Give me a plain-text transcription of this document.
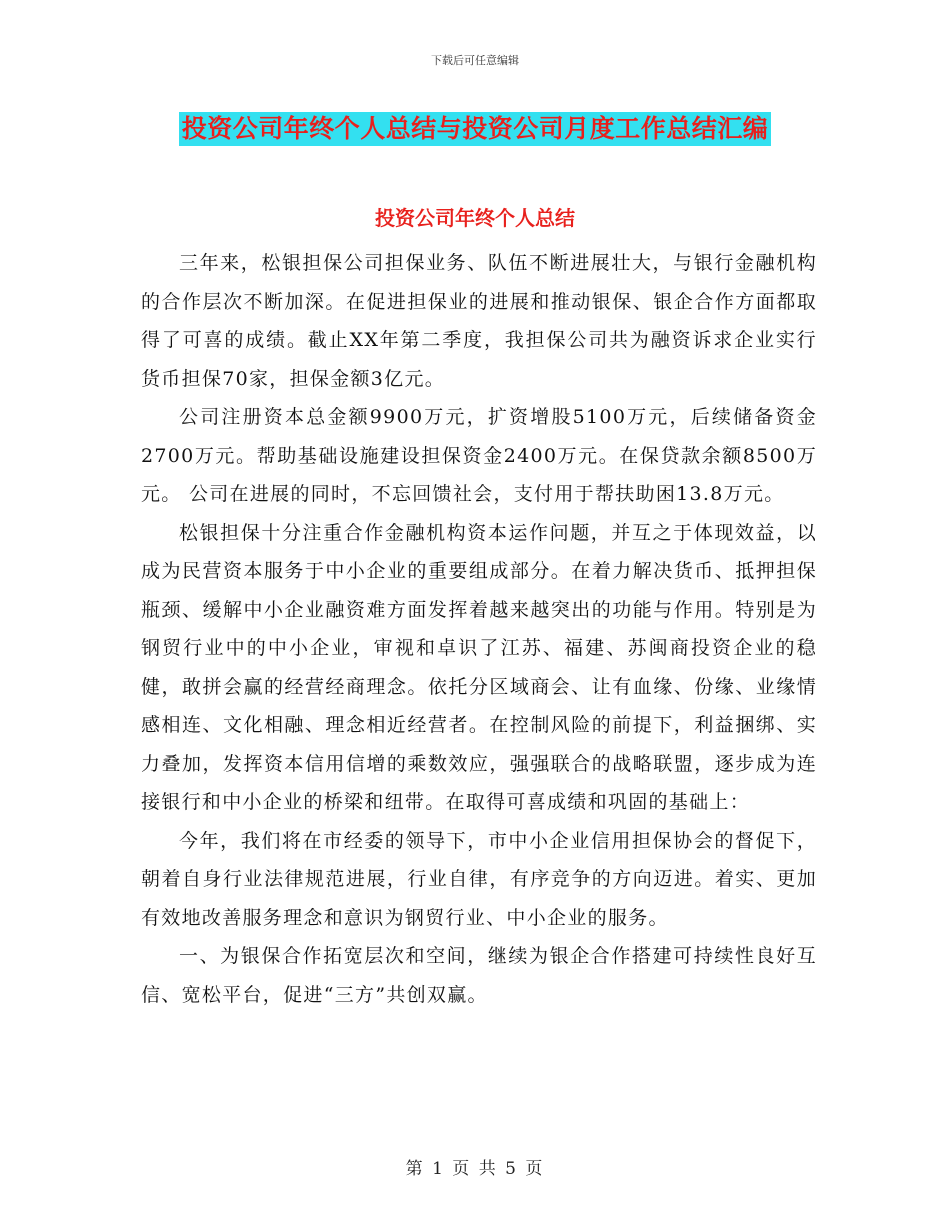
下载后可任意编辑
投资公司年终个人总结与投资公司月度工作总结汇编
投资公司年终个人总结

三年来，松银担保公司担保业务、队伍不断进展壮大，与银行金融机构的合作层次不断加深。在促进担保业的进展和推动银保、银企合作方面都取得了可喜的成绩。截止XX年第二季度，我担保公司共为融资诉求企业实行货币担保70家，担保金额3亿元。

公司注册资本总金额9900万元，扩资增股5100万元，后续储备资金2700万元。帮助基础设施建设担保资金2400万元。在保贷款余额8500万元。 公司在进展的同时，不忘回馈社会，支付用于帮扶助困13.8万元。

松银担保十分注重合作金融机构资本运作问题，并互之于体现效益，以成为民营资本服务于中小企业的重要组成部分。在着力解决货币、抵押担保瓶颈、缓解中小企业融资难方面发挥着越来越突出的功能与作用。特别是为钢贸行业中的中小企业，审视和卓识了江苏、福建、苏闽商投资企业的稳健，敢拼会赢的经营经商理念。依托分区域商会、让有血缘、份缘、业缘情感相连、文化相融、理念相近经营者。在控制风险的前提下，利益捆绑、实力叠加，发挥资本信用信增的乘数效应，强强联合的战略联盟，逐步成为连接银行和中小企业的桥梁和纽带。在取得可喜成绩和巩固的基础上：

今年，我们将在市经委的领导下，市中小企业信用担保协会的督促下，朝着自身行业法律规范进展，行业自律，有序竞争的方向迈进。着实、更加有效地改善服务理念和意识为钢贸行业、中小企业的服务。

一、为银保合作拓宽层次和空间，继续为银企合作搭建可持续性良好互信、宽松平台，促进“三方”共创双赢。

第 1 页 共 5 页
